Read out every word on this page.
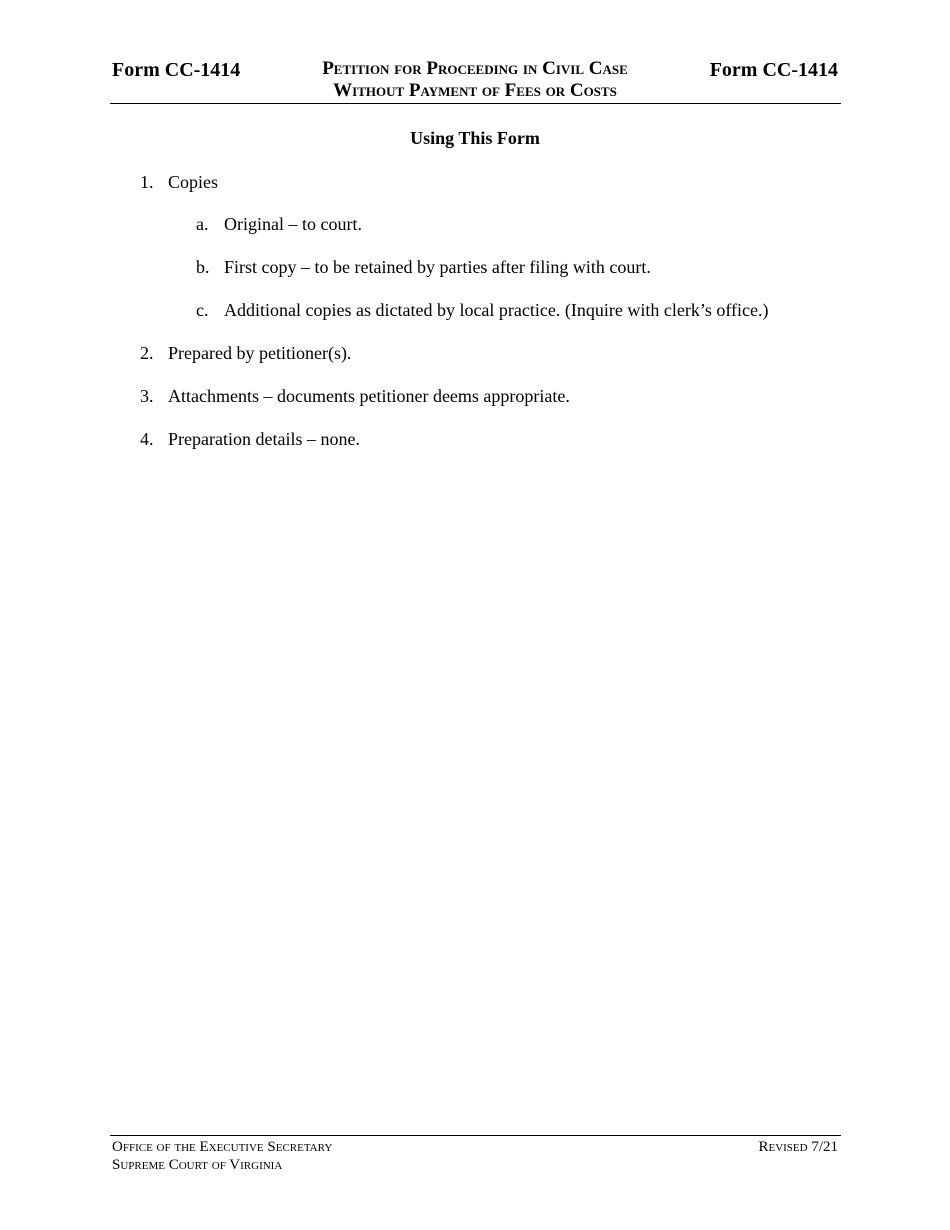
Form CC-1414	Petition for Proceeding in Civil Case
Without Payment of Fees or Costs
Form CC-1414
Using This Form
1. Copies
a. Original – to court.
b. First copy – to be retained by parties after filing with court.
c. Additional copies as dictated by local practice. (Inquire with clerk’s office.)
2. Prepared by petitioner(s).
3. Attachments – documents petitioner deems appropriate.
4. Preparation details – none.
Office of the Executive Secretary
Supreme Court of Virginia
Revised 7/21
